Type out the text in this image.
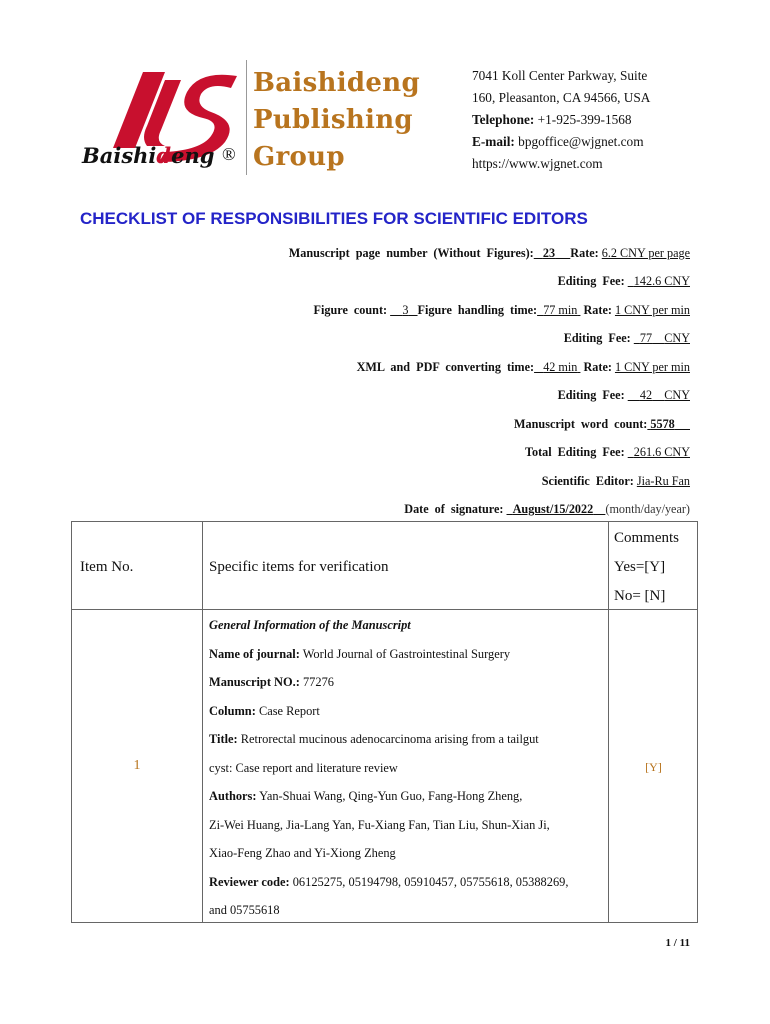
Baishideng ®
Baishideng
Publishing
Group
7041 Koll Center Parkway, Suite
160, Pleasanton, CA 94566, USA
Telephone: +1-925-399-1568
E-mail: bpgoffice@wjgnet.com
https://www.wjgnet.com
CHECKLIST OF RESPONSIBILITIES FOR SCIENTIFIC EDITORS
Manuscript page number (Without Figures): 23 Rate: 6.2 CNY per page
Editing Fee: 142.6 CNY
Figure count: 3 Figure handling time: 77 min Rate: 1 CNY per min
Editing Fee: 77 CNY
XML and PDF converting time: 42 min Rate: 1 CNY per min
Editing Fee: 42 CNY
Manuscript word count: 5578
Total Editing Fee: 261.6 CNY
Scientific Editor: Jia-Ru Fan
Date of signature: August/15/2022 (month/day/year)
Item No.	Specific items for verification
Comments
Yes=[Y]
No= [N]
1	[Y]
General Information of the Manuscript
Name of journal: World Journal of Gastrointestinal Surgery
Manuscript NO.: 77276
Column: Case Report
Title: Retrorectal mucinous adenocarcinoma arising from a tailgut
cyst: Case report and literature review
Authors: Yan-Shuai Wang, Qing-Yun Guo, Fang-Hong Zheng,
Zi-Wei Huang, Jia-Lang Yan, Fu-Xiang Fan, Tian Liu, Shun-Xian Ji,
Xiao-Feng Zhao and Yi-Xiong Zheng
Reviewer code: 06125275, 05194798, 05910457, 05755618, 05388269,
and 05755618
1 / 11
